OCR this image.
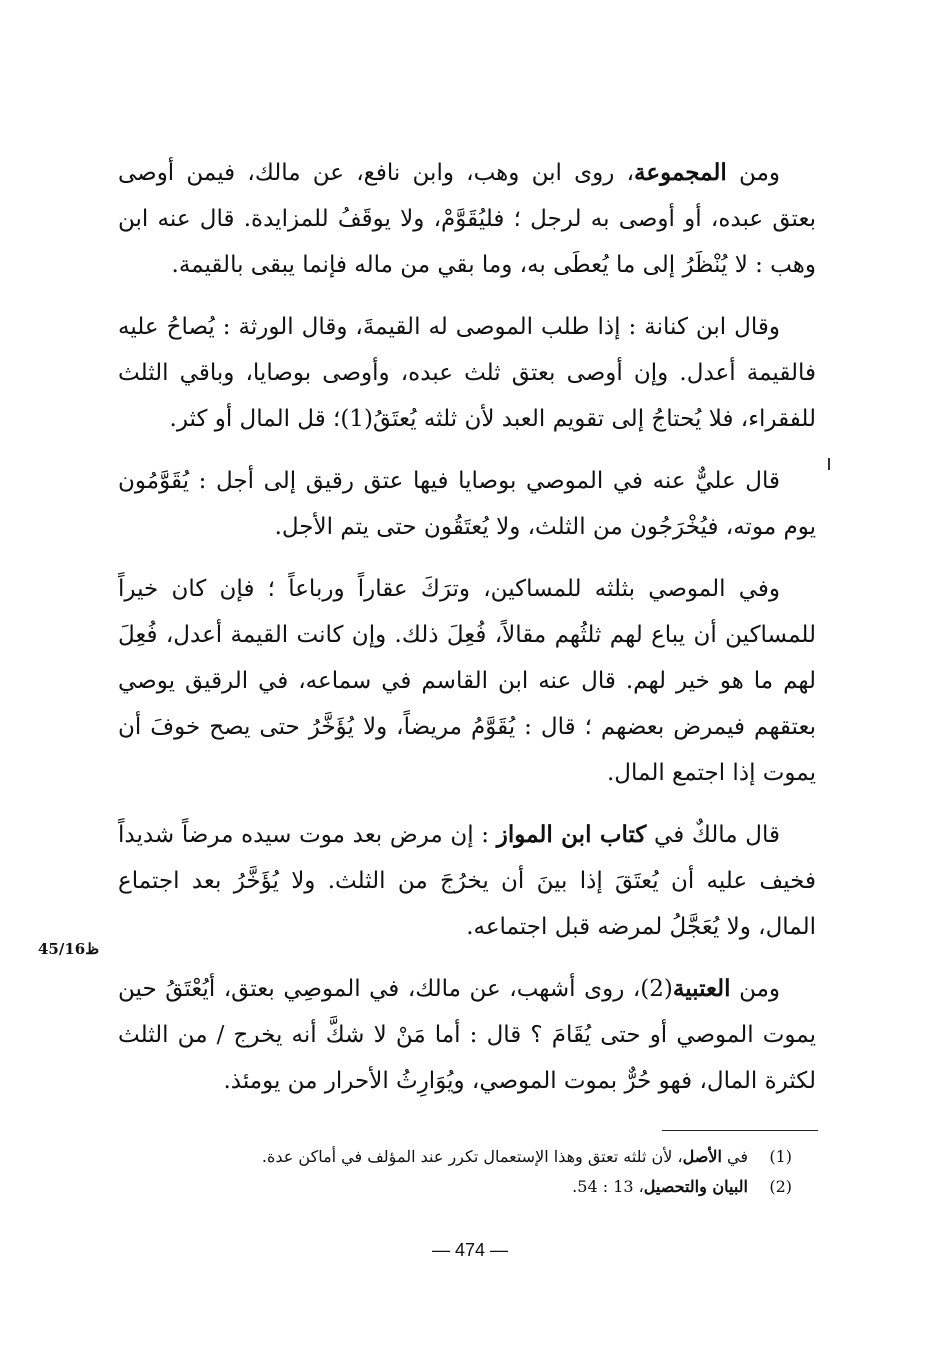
ومن المجموعة، روى ابن وهب، وابن نافع، عن مالك، فيمن أوصى بعتق عبده، أو أوصى به لرجل ؛ فليُقَوَّمْ، ولا يوقَفُ للمزايدة. قال عنه ابن وهب : لا يُنْظَرُ إلى ما يُعطَى به، وما بقي من ماله فإنما يبقى بالقيمة.

وقال ابن كنانة : إذا طلب الموصى له القيمةَ، وقال الورثة : يُصاحُ عليه فالقيمة أعدل. وإن أوصى بعتق ثلث عبده، وأوصى بوصايا، وباقي الثلث للفقراء، فلا يُحتاجُ إلى تقويم العبد لأن ثلثه يُعتَقُ(1)؛ قل المال أو كثر.

قال عليٌّ عنه في الموصي بوصايا فيها عتق رقيق إلى أجل : يُقَوَّمُون يوم موته، فيُخْرَجُون من الثلث، ولا يُعتَقُون حتى يتم الأجل.

وفي الموصي بثلثه للمساكين، وترَكَ عقاراً ورباعاً ؛ فإن كان خيراً للمساكين أن يباع لهم ثلثُهم مقالاً، فُعِلَ ذلك. وإن كانت القيمة أعدل، فُعِلَ لهم ما هو خير لهم. قال عنه ابن القاسم في سماعه، في الرقيق يوصي بعتقهم فيمرض بعضهم ؛ قال : يُقَوَّمُ مريضاً، ولا يُؤَخَّرُ حتى يصح خوفَ أن يموت إذا اجتمع المال.

قال مالكٌ في كتاب ابن المواز : إن مرض بعد موت سيده مرضاً شديداً فخيف عليه أن يُعتَقَ إذا بينَ أن يخرُجَ من الثلث. ولا يُؤَخَّرُ بعد اجتماع المال، ولا يُعَجَّلُ لمرضه قبل اجتماعه.

ومن العتبية(2)، روى أشهب، عن مالك، في الموصِي بعتق، أيُعْتَقُ حين يموت الموصي أو حتى يُقَامَ ؟ قال : أما مَنْ لا شكَّ أنه يخرج / من الثلث لكثرة المال، فهو حُرٌّ بموت الموصي، ويُوَارِثُ الأحرار من يومئذ.

ظ45/16
(1)
في الأصل، لأن ثلثه تعتق وهذا الإستعمال تكرر عند المؤلف في أماكن عدة.
(2)
البيان والتحصيل، 13 : 54.
— 474 —
